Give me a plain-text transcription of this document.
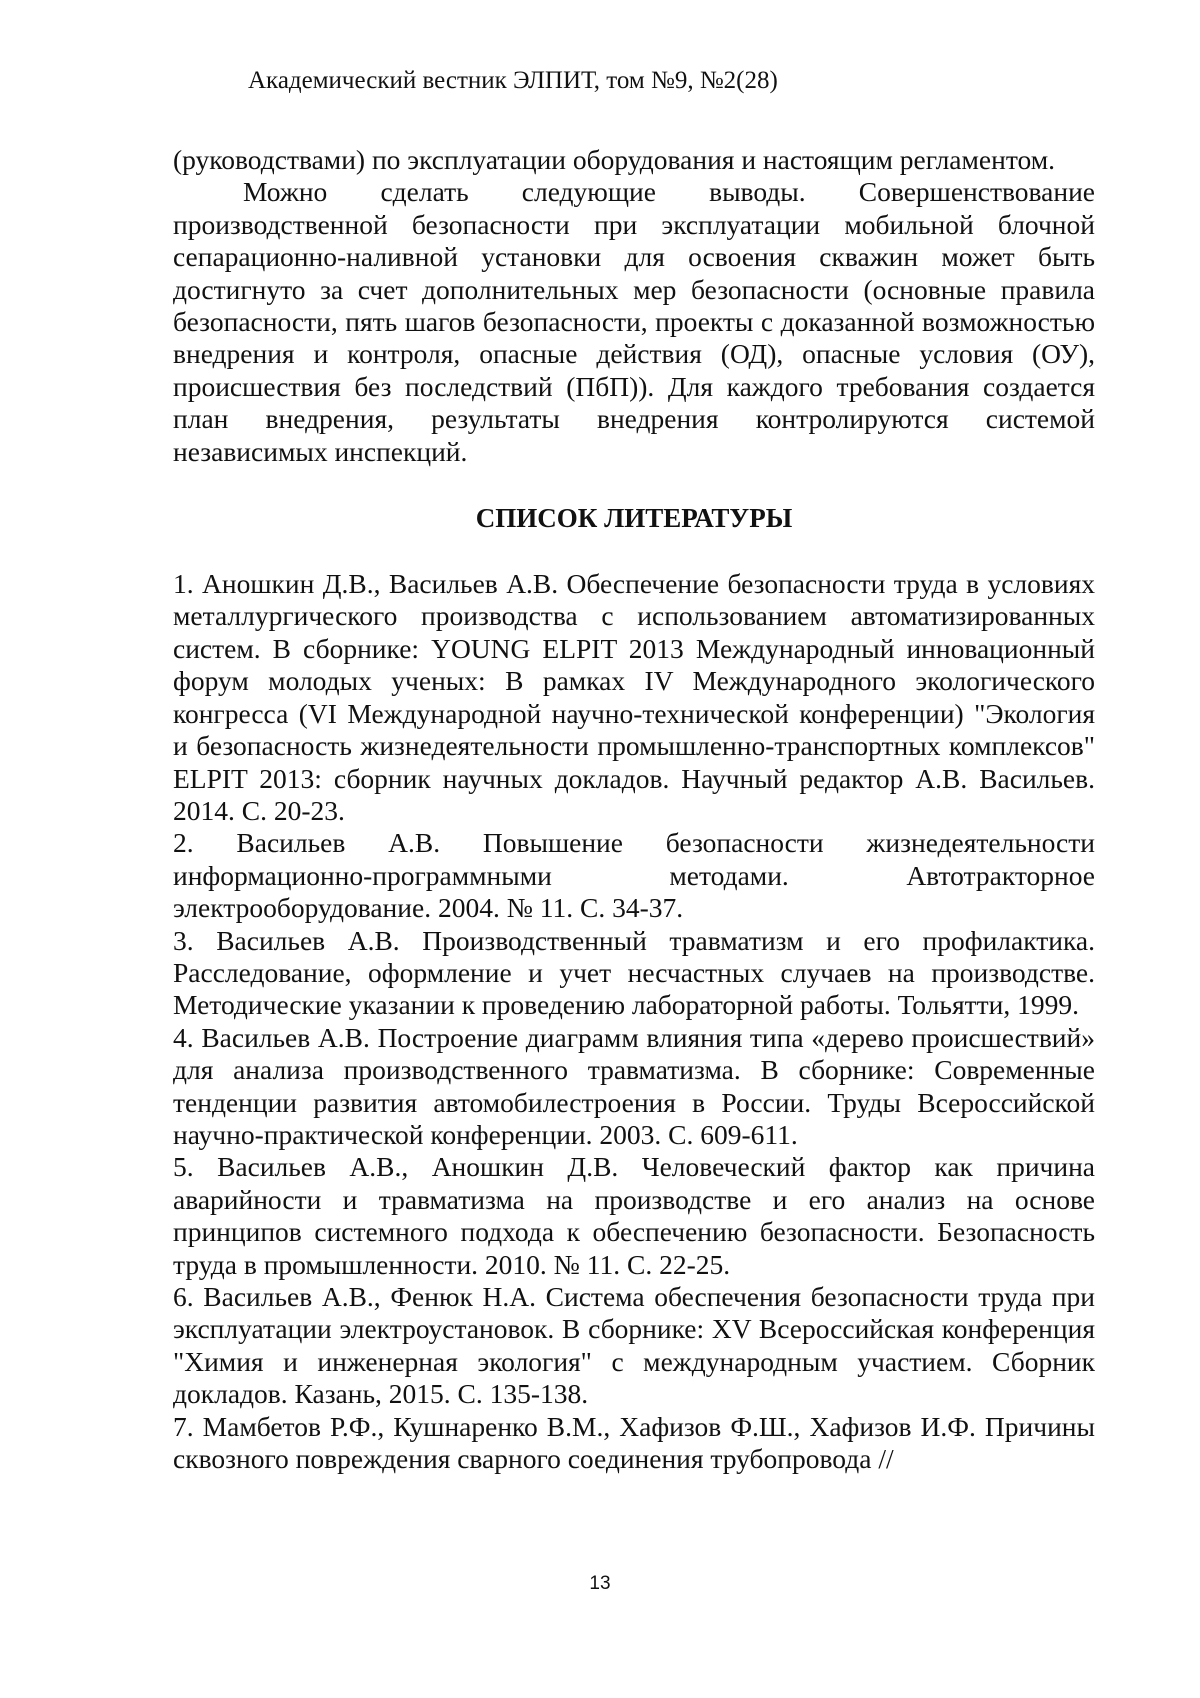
Академический вестник ЭЛПИТ, том №9, №2(28)

(руководствами) по эксплуатации оборудования и настоящим регламентом.

Можно сделать следующие выводы. Совершенствование производственной безопасности при эксплуатации мобильной блочной сепарационно-наливной установки для освоения скважин может быть достигнуто за счет дополнительных мер безопасности (основные правила безопасности, пять шагов безопасности, проекты с доказанной возможностью внедрения и контроля, опасные действия (ОД), опасные условия (ОУ), происшествия без последствий (ПбП)). Для каждого требования создается план внедрения, результаты внедрения контролируются системой независимых инспекций.

СПИСОК ЛИТЕРАТУРЫ
1. Аношкин Д.В., Васильев А.В. Обеспечение безопасности труда в условиях металлургического производства с использованием автоматизированных систем. В сборнике: YOUNG ELPIT 2013 Международный инновационный форум молодых ученых: В рамках IV Международного экологического конгресса (VI Международной научно-технической конференции) "Экология и безопасность жизнедеятельности промышленно-транспортных комплексов" ELPIT 2013: сборник научных докладов. Научный редактор А.В. Васильев. 2014. С. 20-23.
2. Васильев А.В. Повышение безопасности жизнедеятельности информационно-программными методами. Автотракторное электрооборудование. 2004. № 11. С. 34-37.
3. Васильев А.В. Производственный травматизм и его профилактика. Расследование, оформление и учет несчастных случаев на производстве. Методические указании к проведению лабораторной работы. Тольятти, 1999.
4. Васильев А.В. Построение диаграмм влияния типа «дерево происшествий» для анализа производственного травматизма. В сборнике: Современные тенденции развития автомобилестроения в России. Труды Всероссийской научно-практической конференции. 2003. С. 609-611.
5. Васильев А.В., Аношкин Д.В. Человеческий фактор как причина аварийности и травматизма на производстве и его анализ на основе принципов системного подхода к обеспечению безопасности. Безопасность труда в промышленности. 2010. № 11. С. 22-25.
6. Васильев А.В., Фенюк Н.А. Система обеспечения безопасности труда при эксплуатации электроустановок. В сборнике: XV Всероссийская конференция "Химия и инженерная экология" с международным участием. Сборник докладов. Казань, 2015. С. 135-138.
7. Мамбетов Р.Ф., Кушнаренко В.М., Хафизов Ф.Ш., Хафизов И.Ф. Причины сквозного повреждения сварного соединения трубопровода //
13
